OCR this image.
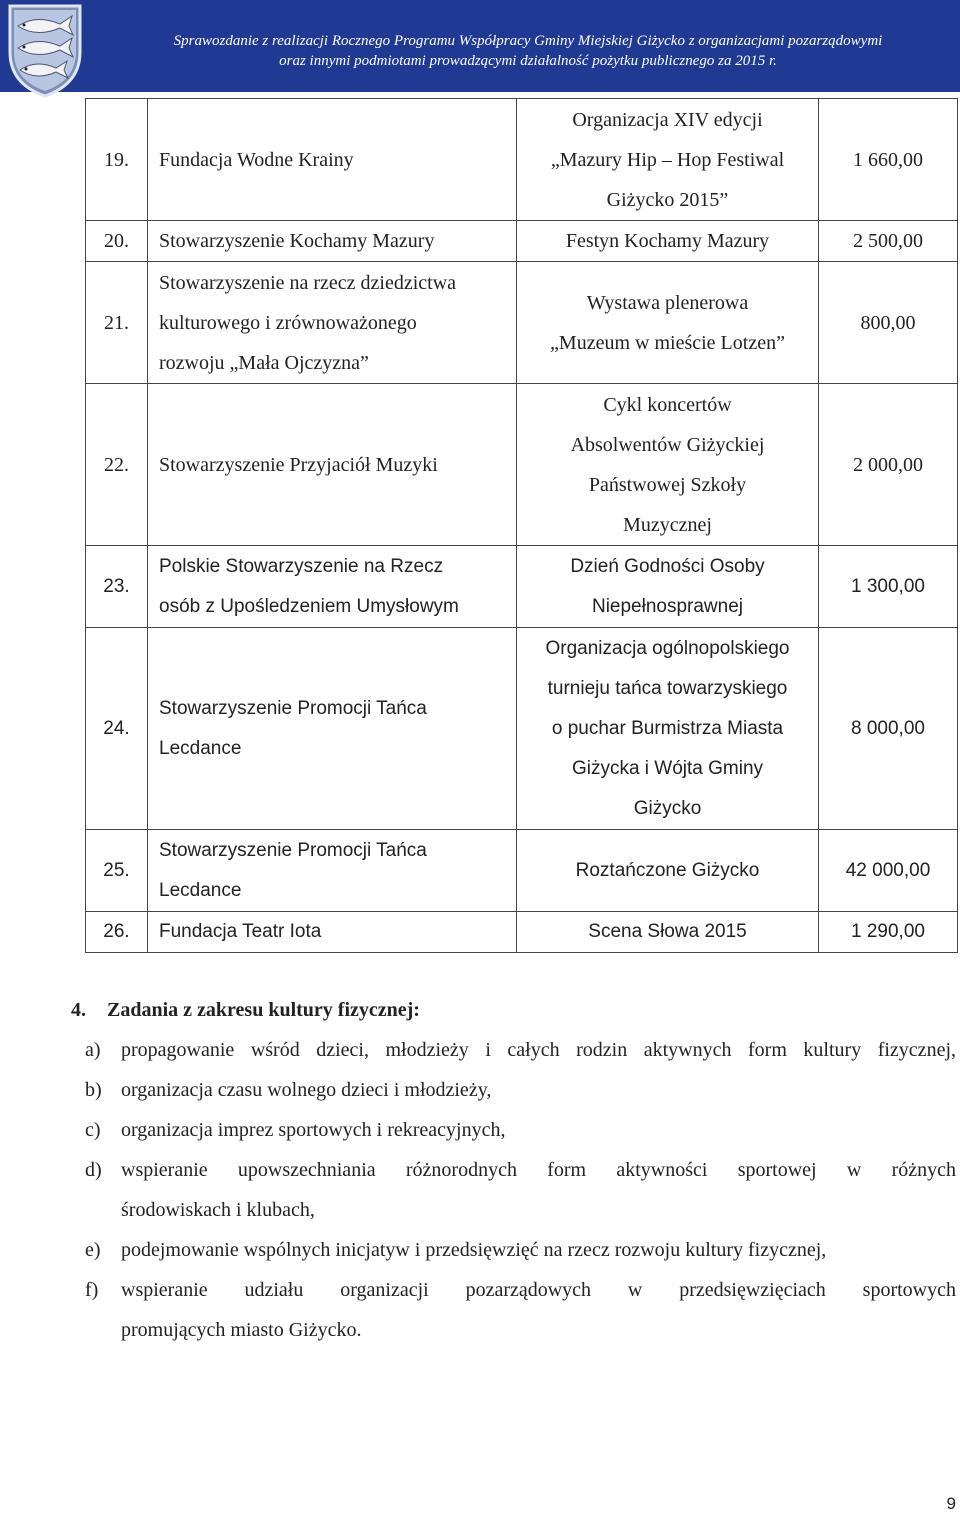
Sprawozdanie z realizacji Rocznego Programu Współpracy Gminy Miejskiej Giżycko z organizacjami pozarządowymi
oraz innymi podmiotami prowadzącymi działalność pożytku publicznego za 2015 r.
19.	Fundacja Wodne Krainy	Organizacja XIV edycji
„Mazury Hip – Hop Festiwal
Giżycko 2015”	1 660,00
20.	Stowarzyszenie Kochamy Mazury	Festyn Kochamy Mazury	2 500,00
21.	Stowarzyszenie na rzecz dziedzictwa
kulturowego i zrównoważonego
rozwoju „Mała Ojczyzna”	Wystawa plenerowa
„Muzeum w mieście Lotzen”	800,00
22.	Stowarzyszenie Przyjaciół Muzyki	Cykl koncertów
Absolwentów Giżyckiej
Państwowej Szkoły
Muzycznej	2 000,00
23.	Polskie Stowarzyszenie na Rzecz
osób z Upośledzeniem Umysłowym	Dzień Godności Osoby
Niepełnosprawnej	1 300,00
24.	Stowarzyszenie Promocji Tańca
Lecdance	Organizacja ogólnopolskiego
turnieju tańca towarzyskiego
o puchar Burmistrza Miasta
Giżycka i Wójta Gminy
Giżycko	8 000,00
25.	Stowarzyszenie Promocji Tańca
Lecdance	Roztańczone Giżycko	42 000,00
26.	Fundacja Teatr Iota	Scena Słowa 2015	1 290,00
4. Zadania z zakresu kultury fizycznej:
a) propagowanie wśród dzieci, młodzieży i całych rodzin aktywnych form kultury fizycznej,
b) organizacja czasu wolnego dzieci i młodzieży,
c) organizacja imprez sportowych i rekreacyjnych,
d) wspieranie upowszechniania różnorodnych form aktywności sportowej w różnych
środowiskach i klubach,
e) podejmowanie wspólnych inicjatyw i przedsięwzięć na rzecz rozwoju kultury fizycznej,
f) wspieranie udziału organizacji pozarządowych w przedsięwzięciach sportowych
promujących miasto Giżycko.
9
